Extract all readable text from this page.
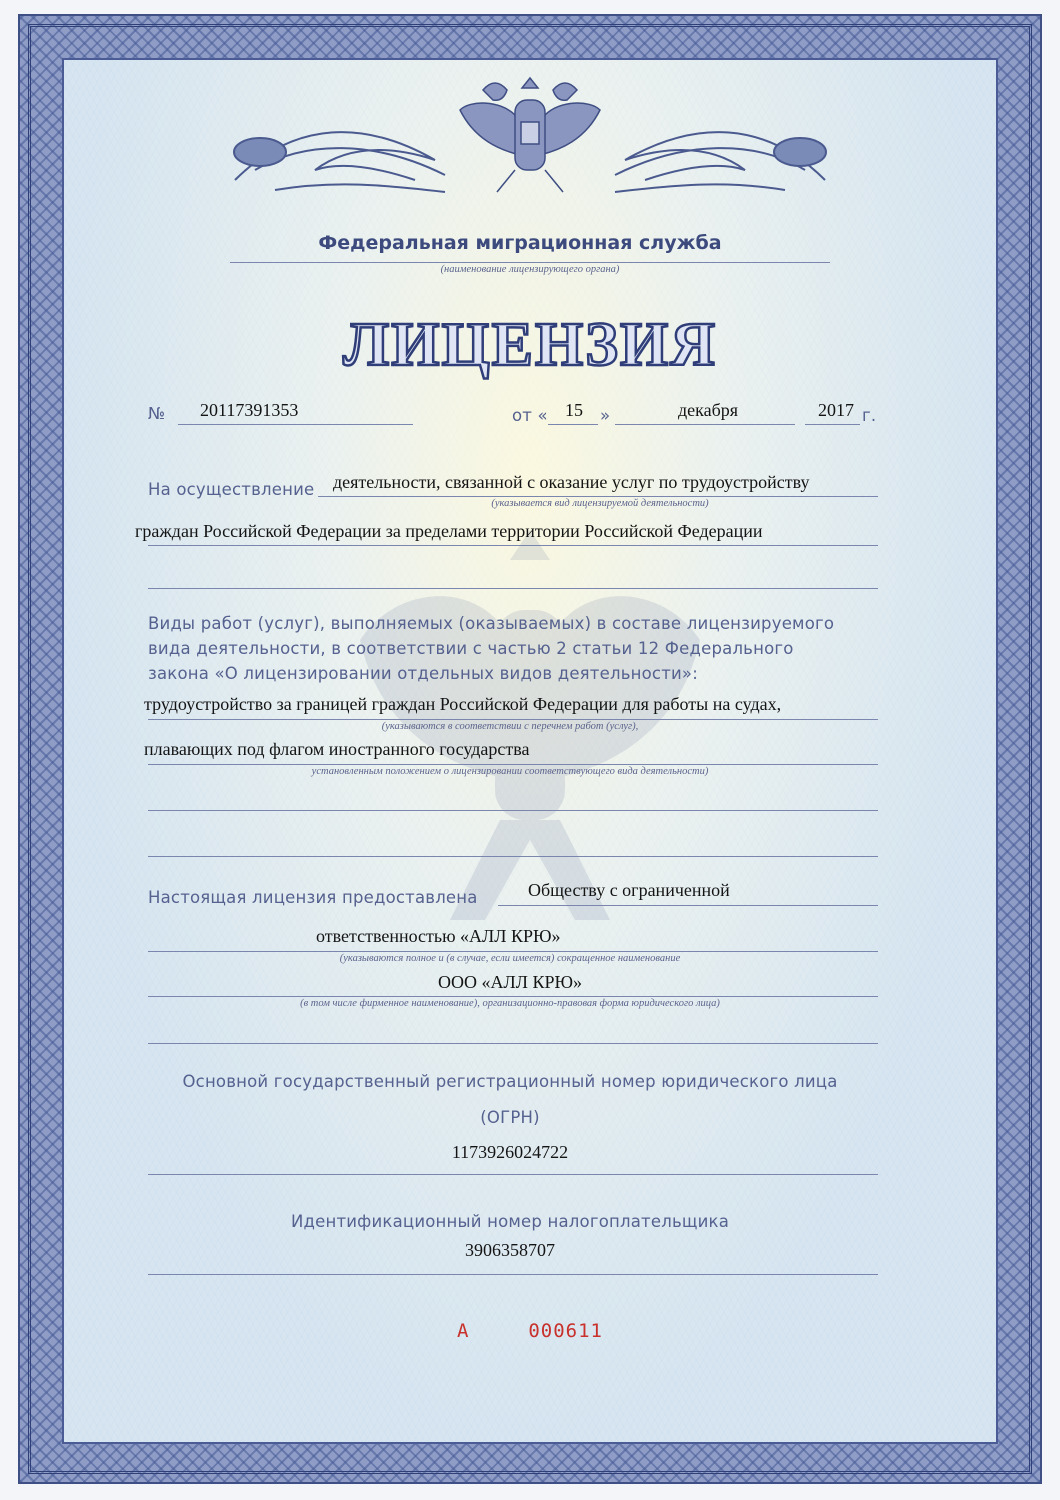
Федеральная миграционная служба
(наименование лицензирующего органа)
ЛИЦЕНЗИЯ
№ 20117391353	от « 15 »	декабря	2017 г.
На осуществление деятельности, связанной с оказание услуг по трудоустройству
(указывается вид лицензируемой деятельности)
граждан Российской Федерации за пределами территории Российской Федерации
Виды работ (услуг), выполняемых (оказываемых) в составе лицензируемого
вида деятельности, в соответствии с частью 2 статьи 12 Федерального
закона «О лицензировании отдельных видов деятельности»:
трудоустройство за границей граждан Российской Федерации для работы на судах,
(указываются в соответствии с перечнем работ (услуг),
плавающих под флагом иностранного государства
установленным положением о лицензировании соответствующего вида деятельности)
Настоящая лицензия предоставлена	Обществу с ограниченной
ответственностью «АЛЛ КРЮ»
(указываются полное и (в случае, если имеется) сокращенное наименование
ООО «АЛЛ КРЮ»
(в том числе фирменное наименование), организационно-правовая форма юридического лица)
Основной государственный регистрационный номер юридического лица
(ОГРН)
1173926024722
Идентификационный номер налогоплательщика
3906358707
А	000611
